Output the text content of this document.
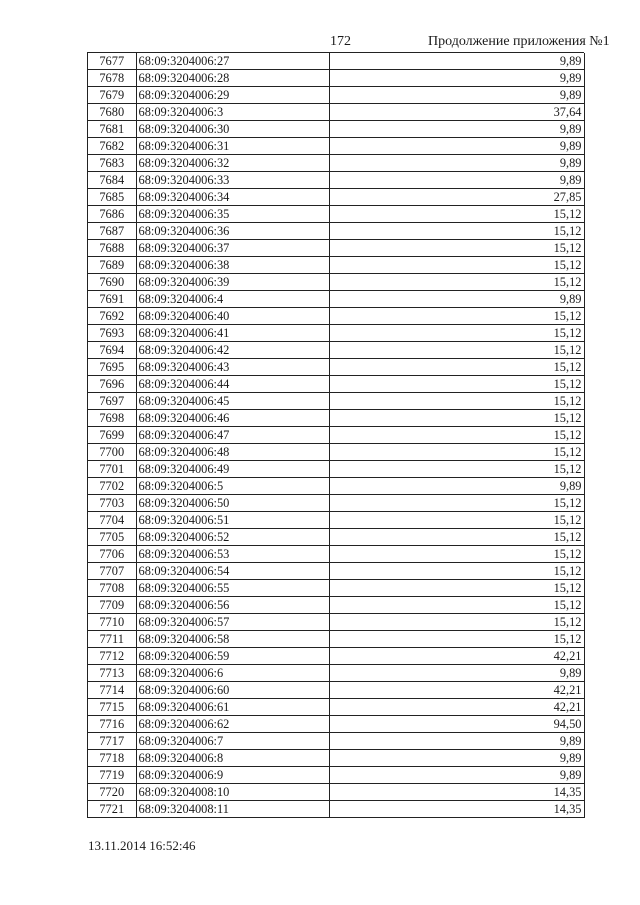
172	Продолжение приложения №1
7677	68:09:3204006:27	9,89
7678	68:09:3204006:28	9,89
7679	68:09:3204006:29	9,89
7680	68:09:3204006:3	37,64
7681	68:09:3204006:30	9,89
7682	68:09:3204006:31	9,89
7683	68:09:3204006:32	9,89
7684	68:09:3204006:33	9,89
7685	68:09:3204006:34	27,85
7686	68:09:3204006:35	15,12
7687	68:09:3204006:36	15,12
7688	68:09:3204006:37	15,12
7689	68:09:3204006:38	15,12
7690	68:09:3204006:39	15,12
7691	68:09:3204006:4	9,89
7692	68:09:3204006:40	15,12
7693	68:09:3204006:41	15,12
7694	68:09:3204006:42	15,12
7695	68:09:3204006:43	15,12
7696	68:09:3204006:44	15,12
7697	68:09:3204006:45	15,12
7698	68:09:3204006:46	15,12
7699	68:09:3204006:47	15,12
7700	68:09:3204006:48	15,12
7701	68:09:3204006:49	15,12
7702	68:09:3204006:5	9,89
7703	68:09:3204006:50	15,12
7704	68:09:3204006:51	15,12
7705	68:09:3204006:52	15,12
7706	68:09:3204006:53	15,12
7707	68:09:3204006:54	15,12
7708	68:09:3204006:55	15,12
7709	68:09:3204006:56	15,12
7710	68:09:3204006:57	15,12
7711	68:09:3204006:58	15,12
7712	68:09:3204006:59	42,21
7713	68:09:3204006:6	9,89
7714	68:09:3204006:60	42,21
7715	68:09:3204006:61	42,21
7716	68:09:3204006:62	94,50
7717	68:09:3204006:7	9,89
7718	68:09:3204006:8	9,89
7719	68:09:3204006:9	9,89
7720	68:09:3204008:10	14,35
7721	68:09:3204008:11	14,35
13.11.2014 16:52:46
